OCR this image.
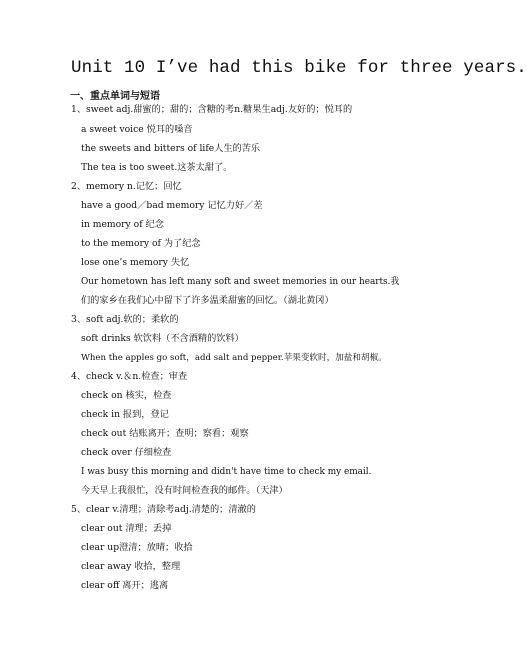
Unit 10 I’ve had this bike for three years.
一、重点单词与短语
1、sweet adj.甜蜜的；甜的；含糖的考n.糖果生adj.友好的；悦耳的
a sweet voice 悦耳的嗓音
the sweets and bitters of life人生的苦乐
The tea is too sweet.这茶太甜了。
2、memory n.记忆；回忆
have a good／bad memory 记忆力好／差
in memory of 纪念
to the memory of 为了纪念
lose one’s memory 失忆
Our hometown has left many soft and sweet memories in our hearts.我
们的家乡在我们心中留下了许多温柔甜蜜的回忆。（湖北黄冈）
3、soft adj.软的；柔软的
soft drinks 软饮料（不含酒精的饮料）
When the apples go soft，add salt and pepper.苹果变软时，加盐和胡椒。
4、check v.＆n.检查；审查
check on 核实，检查
check in 报到，登记
check out 结账离开；查明；察看；观察
check over 仔细检查
I was busy this morning and didn't have time to check my email.
今天早上我很忙，没有时间检查我的邮件。（天津）
5、clear v.清理；清除考adj.清楚的；清澈的
clear out 清理；丢掉
clear up澄清；放晴；收拾
clear away 收拾，整理
clear off 离开；逃离
